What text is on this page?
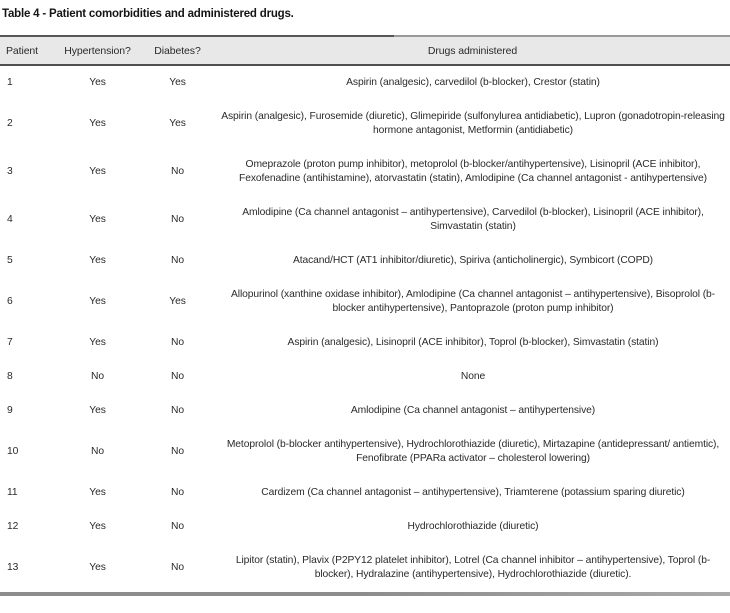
Table 4 - Patient comorbidities and administered drugs.
Patient	Hypertension?	Diabetes?	Drugs administered
1	Yes	Yes	Aspirin (analgesic), carvedilol (b-blocker), Crestor (statin)
2	Yes	Yes	Aspirin (analgesic), Furosemide (diuretic), Glimepiride (sulfonylurea antidiabetic), Lupron (gonadotropin-releasing hormone antagonist, Metformin (antidiabetic)
3	Yes	No	Omeprazole (proton pump inhibitor), metoprolol (b-blocker/antihypertensive), Lisinopril (ACE inhibitor), Fexofenadine (antihistamine), atorvastatin (statin), Amlodipine (Ca channel antagonist - antihypertensive)
4	Yes	No	Amlodipine (Ca channel antagonist – antihypertensive), Carvedilol (b-blocker), Lisinopril (ACE inhibitor), Simvastatin (statin)
5	Yes	No	Atacand/HCT (AT1 inhibitor/diuretic), Spiriva (anticholinergic), Symbicort (COPD)
6	Yes	Yes	Allopurinol (xanthine oxidase inhibitor), Amlodipine (Ca channel antagonist – antihypertensive), Bisoprolol (b-blocker antihypertensive), Pantoprazole (proton pump inhibitor)
7	Yes	No	Aspirin (analgesic), Lisinopril (ACE inhibitor), Toprol (b-blocker), Simvastatin (statin)
8	No	No	None
9	Yes	No	Amlodipine (Ca channel antagonist – antihypertensive)
10	No	No	Metoprolol (b-blocker antihypertensive), Hydrochlorothiazide (diuretic), Mirtazapine (antidepressant/ antiemtic), Fenofibrate (PPARa activator – cholesterol lowering)
11	Yes	No	Cardizem (Ca channel antagonist – antihypertensive), Triamterene (potassium sparing diuretic)
12	Yes	No	Hydrochlorothiazide (diuretic)
13	Yes	No	Lipitor (statin), Plavix (P2PY12 platelet inhibitor), Lotrel (Ca channel inhibitor – antihypertensive), Toprol (b-blocker), Hydralazine (antihypertensive), Hydrochlorothiazide (diuretic).
